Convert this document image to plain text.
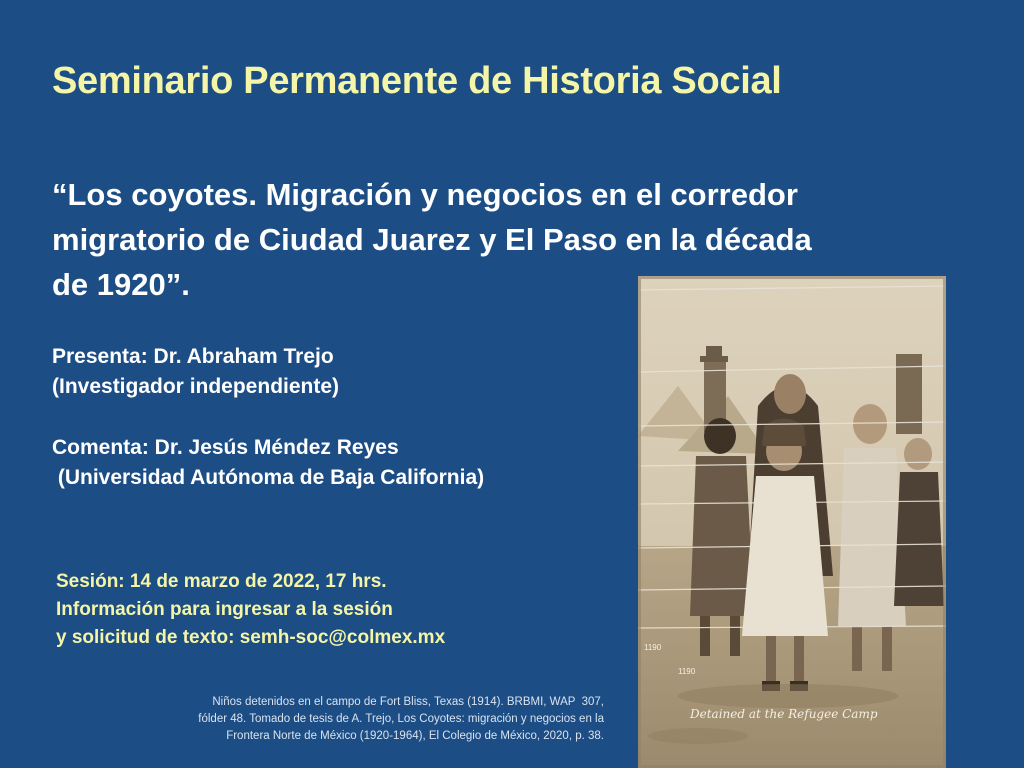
Seminario Permanente de Historia Social
“Los coyotes. Migración y negocios en el corredor
migratorio de Ciudad Juarez y El Paso en la década
de 1920”.
Presenta: Dr. Abraham Trejo
(Investigador independiente)
Comenta: Dr. Jesús Méndez Reyes
(Universidad Autónoma de Baja California)
Sesión: 14 de marzo de 2022, 17 hrs.
Información para ingresar a la sesión
y solicitud de texto: semh-soc@colmex.mx
Niños detenidos en el campo de Fort Bliss, Texas (1914). BRBMI, WAP  307,
fólder 48. Tomado de tesis de A. Trejo, Los Coyotes: migración y negocios en la
Frontera Norte de México (1920-1964), El Colegio de México, 2020, p. 38.
1190
1190
Detained at the Refugee Camp
